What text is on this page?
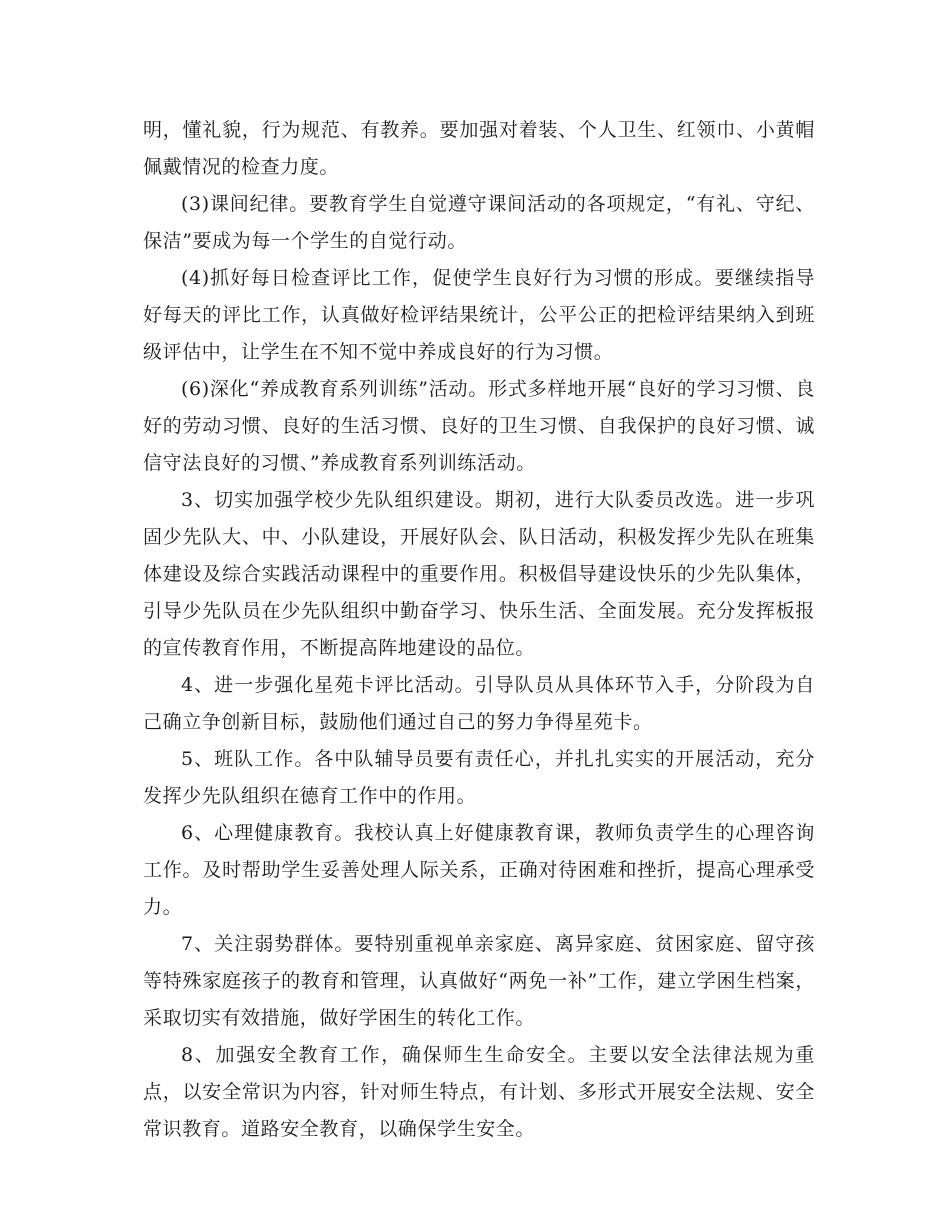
明，懂礼貌，行为规范、有教养。要加强对着装、个人卫生、红领巾、小黄帽佩戴情况的检查力度。

(3)课间纪律。要教育学生自觉遵守课间活动的各项规定，“有礼、守纪、保洁”要成为每一个学生的自觉行动。

(4)抓好每日检查评比工作，促使学生良好行为习惯的形成。要继续指导好每天的评比工作，认真做好检评结果统计，公平公正的把检评结果纳入到班级评估中，让学生在不知不觉中养成良好的行为习惯。

(6)深化“养成教育系列训练”活动。形式多样地开展“良好的学习习惯、良好的劳动习惯、良好的生活习惯、良好的卫生习惯、自我保护的良好习惯、诚信守法良好的习惯、”养成教育系列训练活动。

3、切实加强学校少先队组织建设。期初，进行大队委员改选。进一步巩固少先队大、中、小队建设，开展好队会、队日活动，积极发挥少先队在班集体建设及综合实践活动课程中的重要作用。积极倡导建设快乐的少先队集体，引导少先队员在少先队组织中勤奋学习、快乐生活、全面发展。充分发挥板报的宣传教育作用，不断提高阵地建设的品位。

4、进一步强化星苑卡评比活动。引导队员从具体环节入手，分阶段为自己确立争创新目标，鼓励他们通过自己的努力争得星苑卡。

5、班队工作。各中队辅导员要有责任心，并扎扎实实的开展活动，充分发挥少先队组织在德育工作中的作用。

6、心理健康教育。我校认真上好健康教育课，教师负责学生的心理咨询工作。及时帮助学生妥善处理人际关系，正确对待困难和挫折，提高心理承受力。

7、关注弱势群体。要特别重视单亲家庭、离异家庭、贫困家庭、留守孩等特殊家庭孩子的教育和管理，认真做好“两免一补”工作，建立学困生档案，采取切实有效措施，做好学困生的转化工作。

8、加强安全教育工作，确保师生生命安全。主要以安全法律法规为重点，以安全常识为内容，针对师生特点，有计划、多形式开展安全法规、安全常识教育。道路安全教育，以确保学生安全。
